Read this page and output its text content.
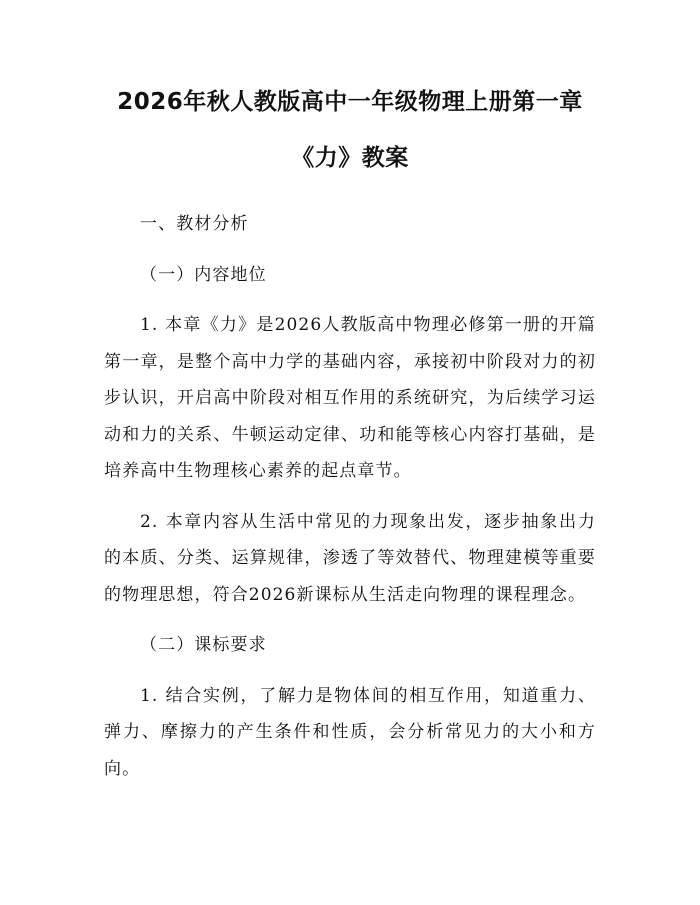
2026年秋人教版高中一年级物理上册第一章
《力》教案

一、教材分析

（一）内容地位

1. 本章《力》是2026人教版高中物理必修第一册的开篇第一章，是整个高中力学的基础内容，承接初中阶段对力的初步认识，开启高中阶段对相互作用的系统研究，为后续学习运动和力的关系、牛顿运动定律、功和能等核心内容打基础，是培养高中生物理核心素养的起点章节。

2. 本章内容从生活中常见的力现象出发，逐步抽象出力的本质、分类、运算规律，渗透了等效替代、物理建模等重要的物理思想，符合2026新课标从生活走向物理的课程理念。

（二）课标要求

1. 结合实例，了解力是物体间的相互作用，知道重力、弹力、摩擦力的产生条件和性质，会分析常见力的大小和方向。
